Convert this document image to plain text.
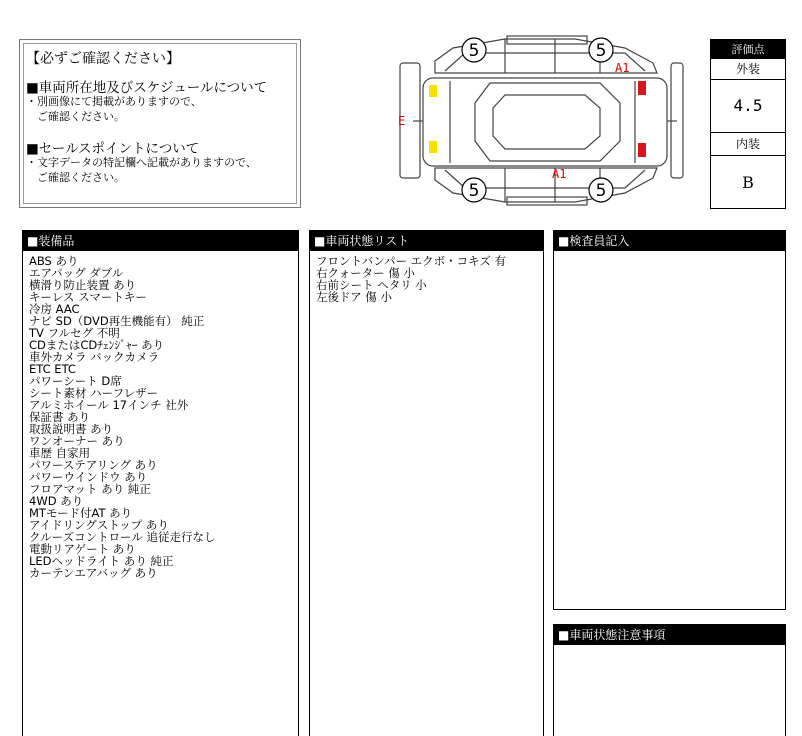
【必ずご確認ください】
■車両所在地及びスケジュールについて
・別画像にて掲載がありますので、
　ご確認ください。
■セールスポイントについて
・文字データの特記欄へ記載がありますので、
　ご確認ください。
5	5
5	5
A1
A1
E
評価点
外装
4.5
内装
B
■装備品
ABS あり
エアバッグ ダブル
横滑り防止装置 あり
キーレス スマートキー
冷房 AAC
ナビ SD（DVD再生機能有） 純正
TV フルセグ 不明
CDまたはCDﾁｪﾝｼﾞｬｰ あり
車外カメラ バックカメラ
ETC ETC
パワーシート D席
シート素材 ハーフレザー
アルミホイール 17インチ 社外
保証書 あり
取扱説明書 あり
ワンオーナー あり
車歴 自家用
パワーステアリング あり
パワーウインドウ あり
フロアマット あり 純正
4WD あり
MTモード付AT あり
アイドリングストップ あり
クルーズコントロール 追従走行なし
電動リアゲート あり
LEDヘッドライト あり 純正
カーテンエアバッグ あり
■車両状態リスト
フロントバンパー エクボ・コキズ 有
右クォーター 傷 小
右前シート ヘタリ 小
左後ドア 傷 小
■検査員記入
■車両状態注意事項
